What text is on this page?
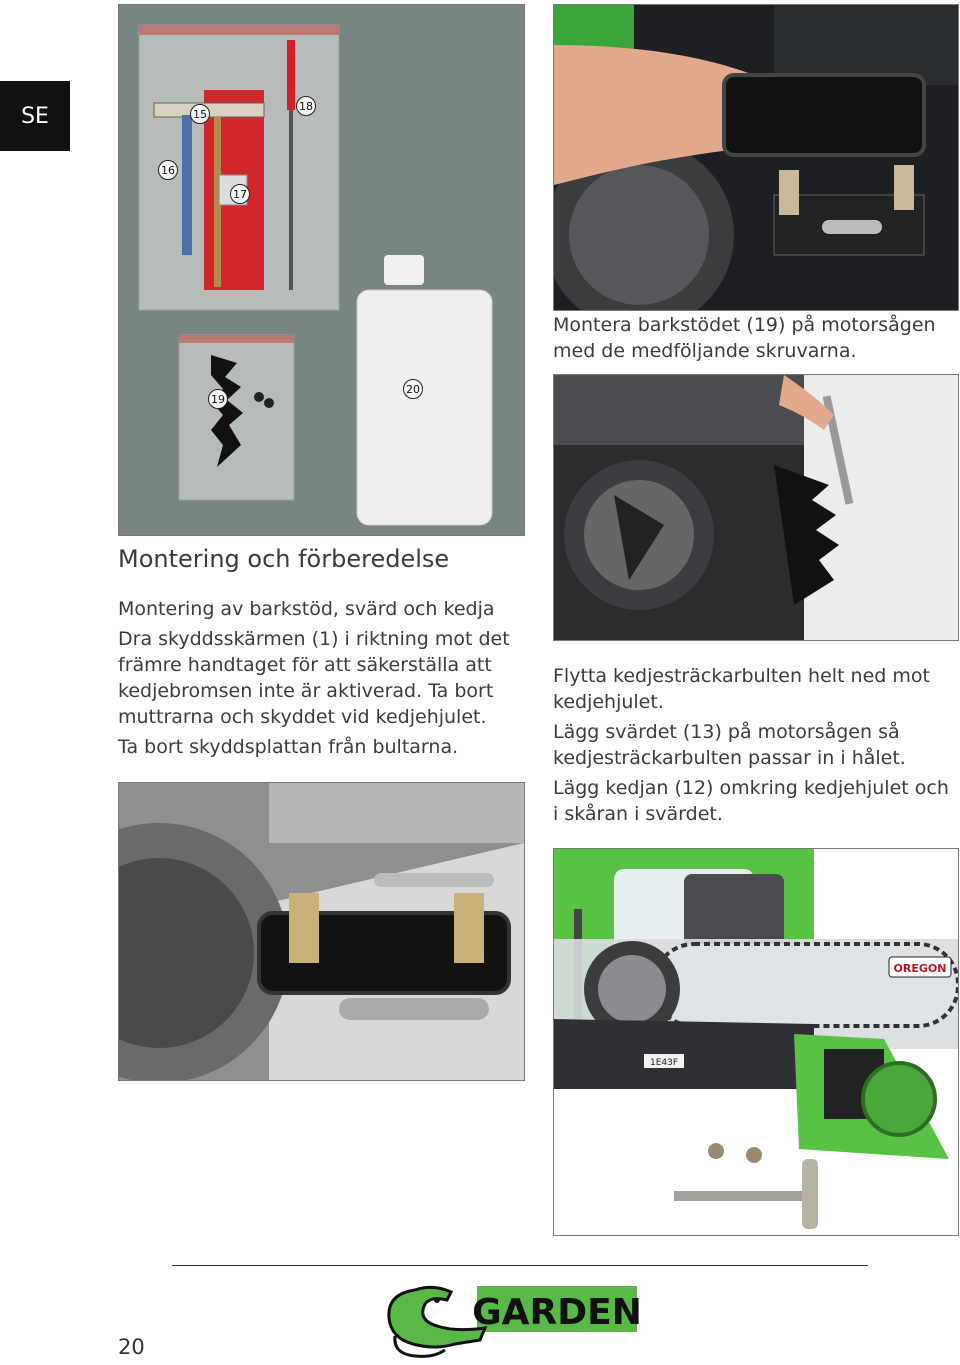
SE	15
16
17
18
19
20
Montera barkstödet (19) på motorsågen med de medföljande skruvarna.
Montering och förberedelse

Montering av barkstöd, svärd och kedja

Dra skyddsskärmen (1) i riktning mot det främre handtaget för att säkerställa att kedjebromsen inte är aktiverad. Ta bort muttrarna och skyddet vid kedjehjulet.

Ta bort skyddsplattan från bultarna.

Flytta kedjesträckarbulten helt ned mot kedjehjulet.

Lägg svärdet (13) på motorsågen så kedjesträckarbulten passar in i hålet.

Lägg kedjan (12) omkring kedjehjulet och i skåran i svärdet.

OREGON
1E43F
GARDEN
20
